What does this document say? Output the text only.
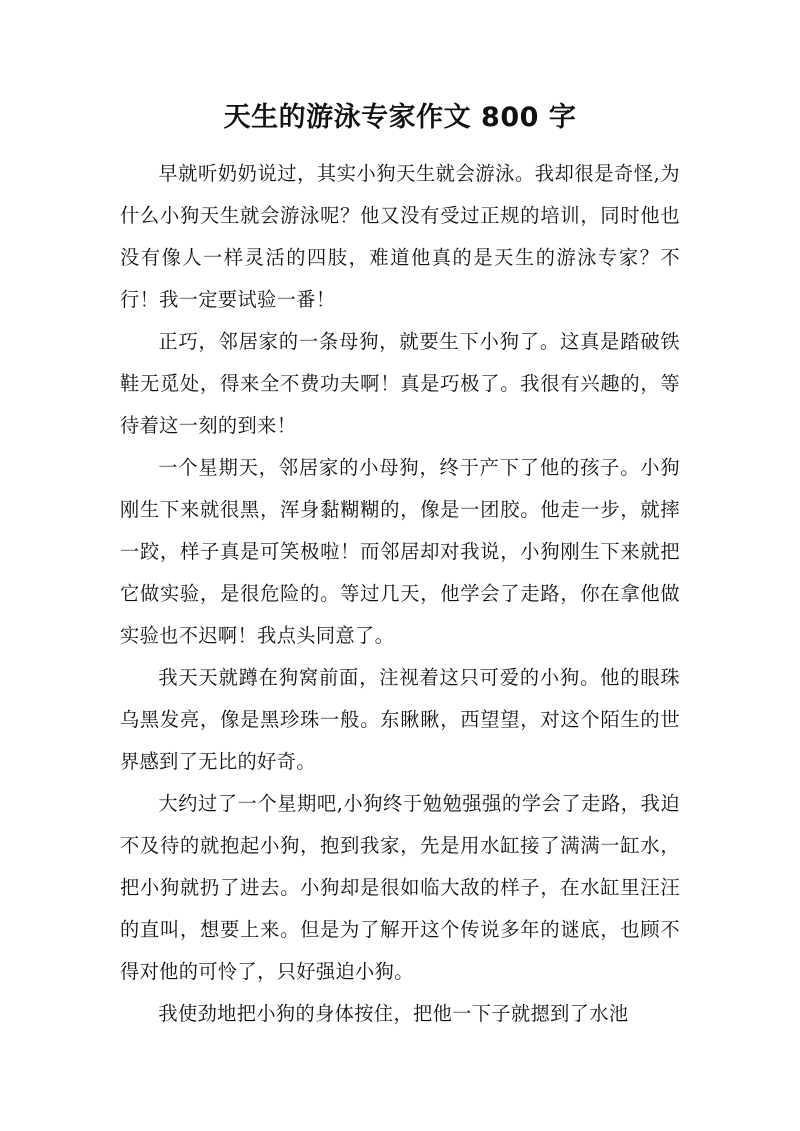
天生的游泳专家作文 800 字

早就听奶奶说过，其实小狗天生就会游泳。我却很是奇怪,为什么小狗天生就会游泳呢？他又没有受过正规的培训，同时他也没有像人一样灵活的四肢，难道他真的是天生的游泳专家？不行！我一定要试验一番！

正巧，邻居家的一条母狗，就要生下小狗了。这真是踏破铁鞋无觅处，得来全不费功夫啊！真是巧极了。我很有兴趣的，等待着这一刻的到来！

一个星期天，邻居家的小母狗，终于产下了他的孩子。小狗刚生下来就很黑，浑身黏糊糊的，像是一团胶。他走一步，就摔一跤，样子真是可笑极啦！而邻居却对我说，小狗刚生下来就把它做实验，是很危险的。等过几天，他学会了走路，你在拿他做实验也不迟啊！我点头同意了。

我天天就蹲在狗窝前面，注视着这只可爱的小狗。他的眼珠乌黑发亮，像是黑珍珠一般。东瞅瞅，西望望，对这个陌生的世界感到了无比的好奇。

大约过了一个星期吧,小狗终于勉勉强强的学会了走路，我迫不及待的就抱起小狗，抱到我家，先是用水缸接了满满一缸水，把小狗就扔了进去。小狗却是很如临大敌的样子，在水缸里汪汪的直叫，想要上来。但是为了解开这个传说多年的谜底，也顾不得对他的可怜了，只好强迫小狗。

我使劲地把小狗的身体按住，把他一下子就摁到了水池
